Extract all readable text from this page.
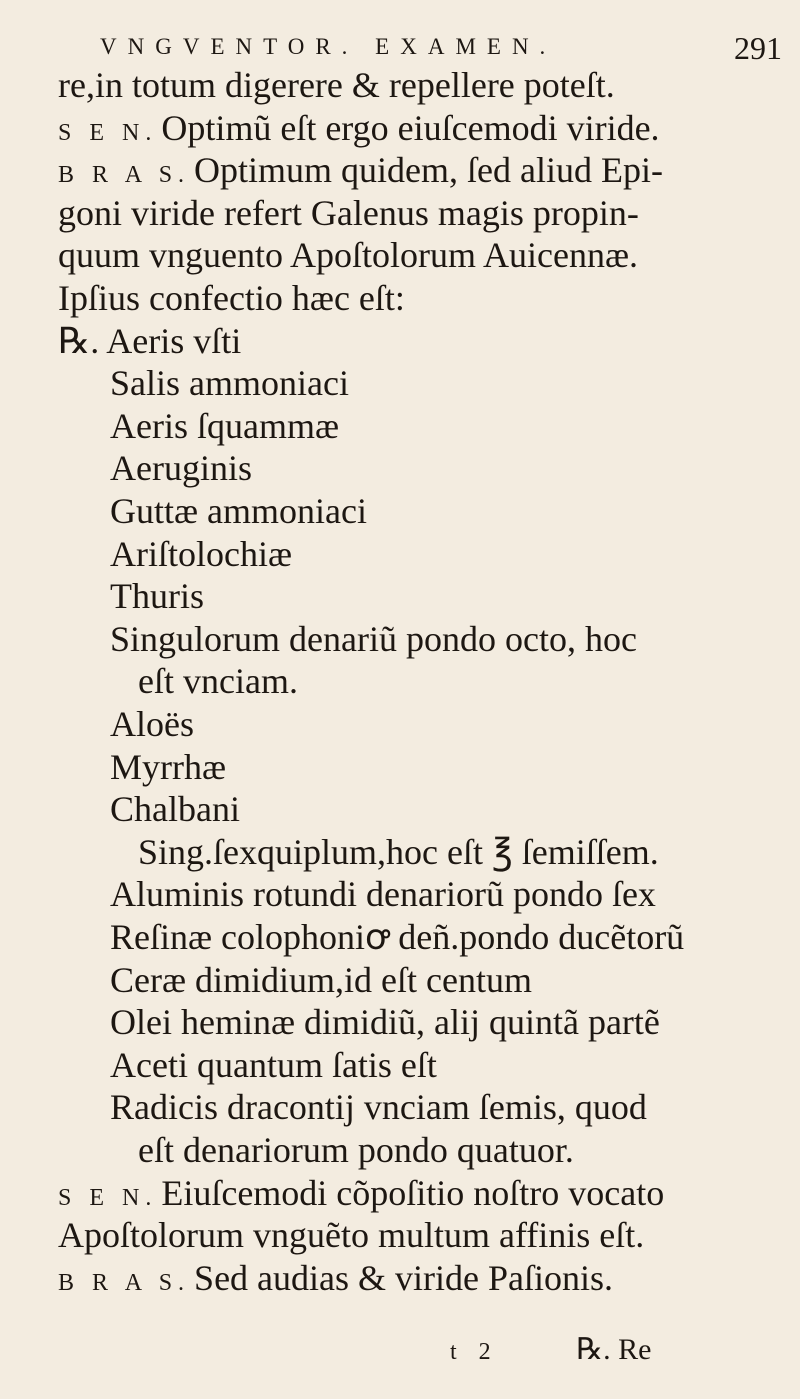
VNGVENTOR. EXAMEN.	291
re,in totum digerere & repellere poteſt.
S E N. Optimũ eſt ergo eiuſcemodi viride.
B R A S. Optimum quidem, ſed aliud Epi-
goni viride refert Galenus magis propin-
quum vnguento Apoſtolorum Auicennæ.
Ipſius confectio hæc eſt:
℞. Aeris vſti
Salis ammoniaci
Aeris ſquammæ
Aeruginis
Guttæ ammoniaci
Ariſtolochiæ
Thuris
Singulorum denariũ pondo octo, hoc
eſt vnciam.
Aloës
Myrrhæ
Chalbani
Sing.ſexquiplum,hoc eſt ℥ ſemiſſem.
Aluminis rotundi denariorũ pondo ſex
Reſinæ colophoniꝍ deñ.pondo ducẽtorũ
Ceræ dimidium,id eſt centum
Olei heminæ dimidiũ, alij quintã partẽ
Aceti quantum ſatis eſt
Radicis dracontij vnciam ſemis, quod
eſt denariorum pondo quatuor.
S E N. Eiuſcemodi cõpoſitio noſtro vocato
Apoſtolorum vnguẽto multum affinis eſt.
B R A S. Sed audias & viride Paſionis.
t 2	℞. Re
